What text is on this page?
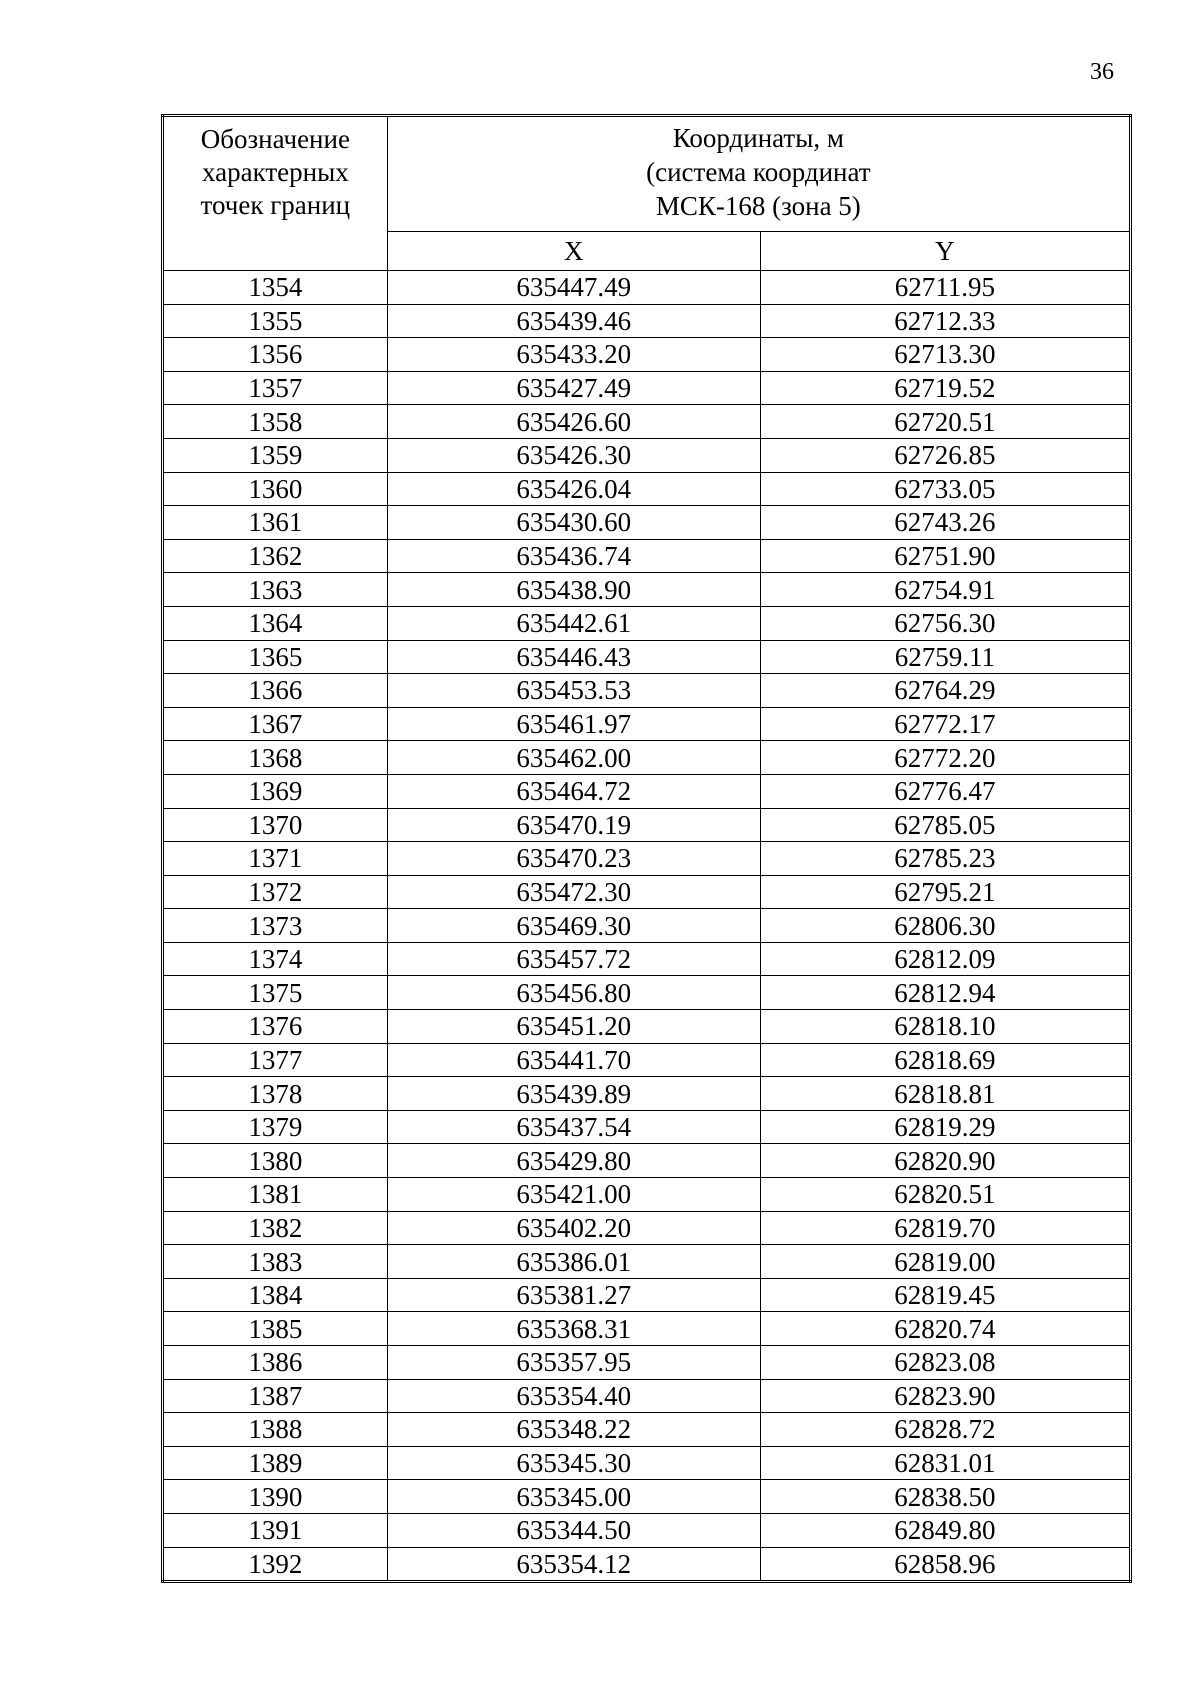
36
Обозначение
характерных
точек границ	Координаты, м
(система координат
МСК-168 (зона 5)	

	X	Y
1354	635447.49	62711.95
1355	635439.46	62712.33
1356	635433.20	62713.30
1357	635427.49	62719.52
1358	635426.60	62720.51
1359	635426.30	62726.85
1360	635426.04	62733.05
1361	635430.60	62743.26
1362	635436.74	62751.90
1363	635438.90	62754.91
1364	635442.61	62756.30
1365	635446.43	62759.11
1366	635453.53	62764.29
1367	635461.97	62772.17
1368	635462.00	62772.20
1369	635464.72	62776.47
1370	635470.19	62785.05
1371	635470.23	62785.23
1372	635472.30	62795.21
1373	635469.30	62806.30
1374	635457.72	62812.09
1375	635456.80	62812.94
1376	635451.20	62818.10
1377	635441.70	62818.69
1378	635439.89	62818.81
1379	635437.54	62819.29
1380	635429.80	62820.90
1381	635421.00	62820.51
1382	635402.20	62819.70
1383	635386.01	62819.00
1384	635381.27	62819.45
1385	635368.31	62820.74
1386	635357.95	62823.08
1387	635354.40	62823.90
1388	635348.22	62828.72
1389	635345.30	62831.01
1390	635345.00	62838.50
1391	635344.50	62849.80
1392	635354.12	62858.96
